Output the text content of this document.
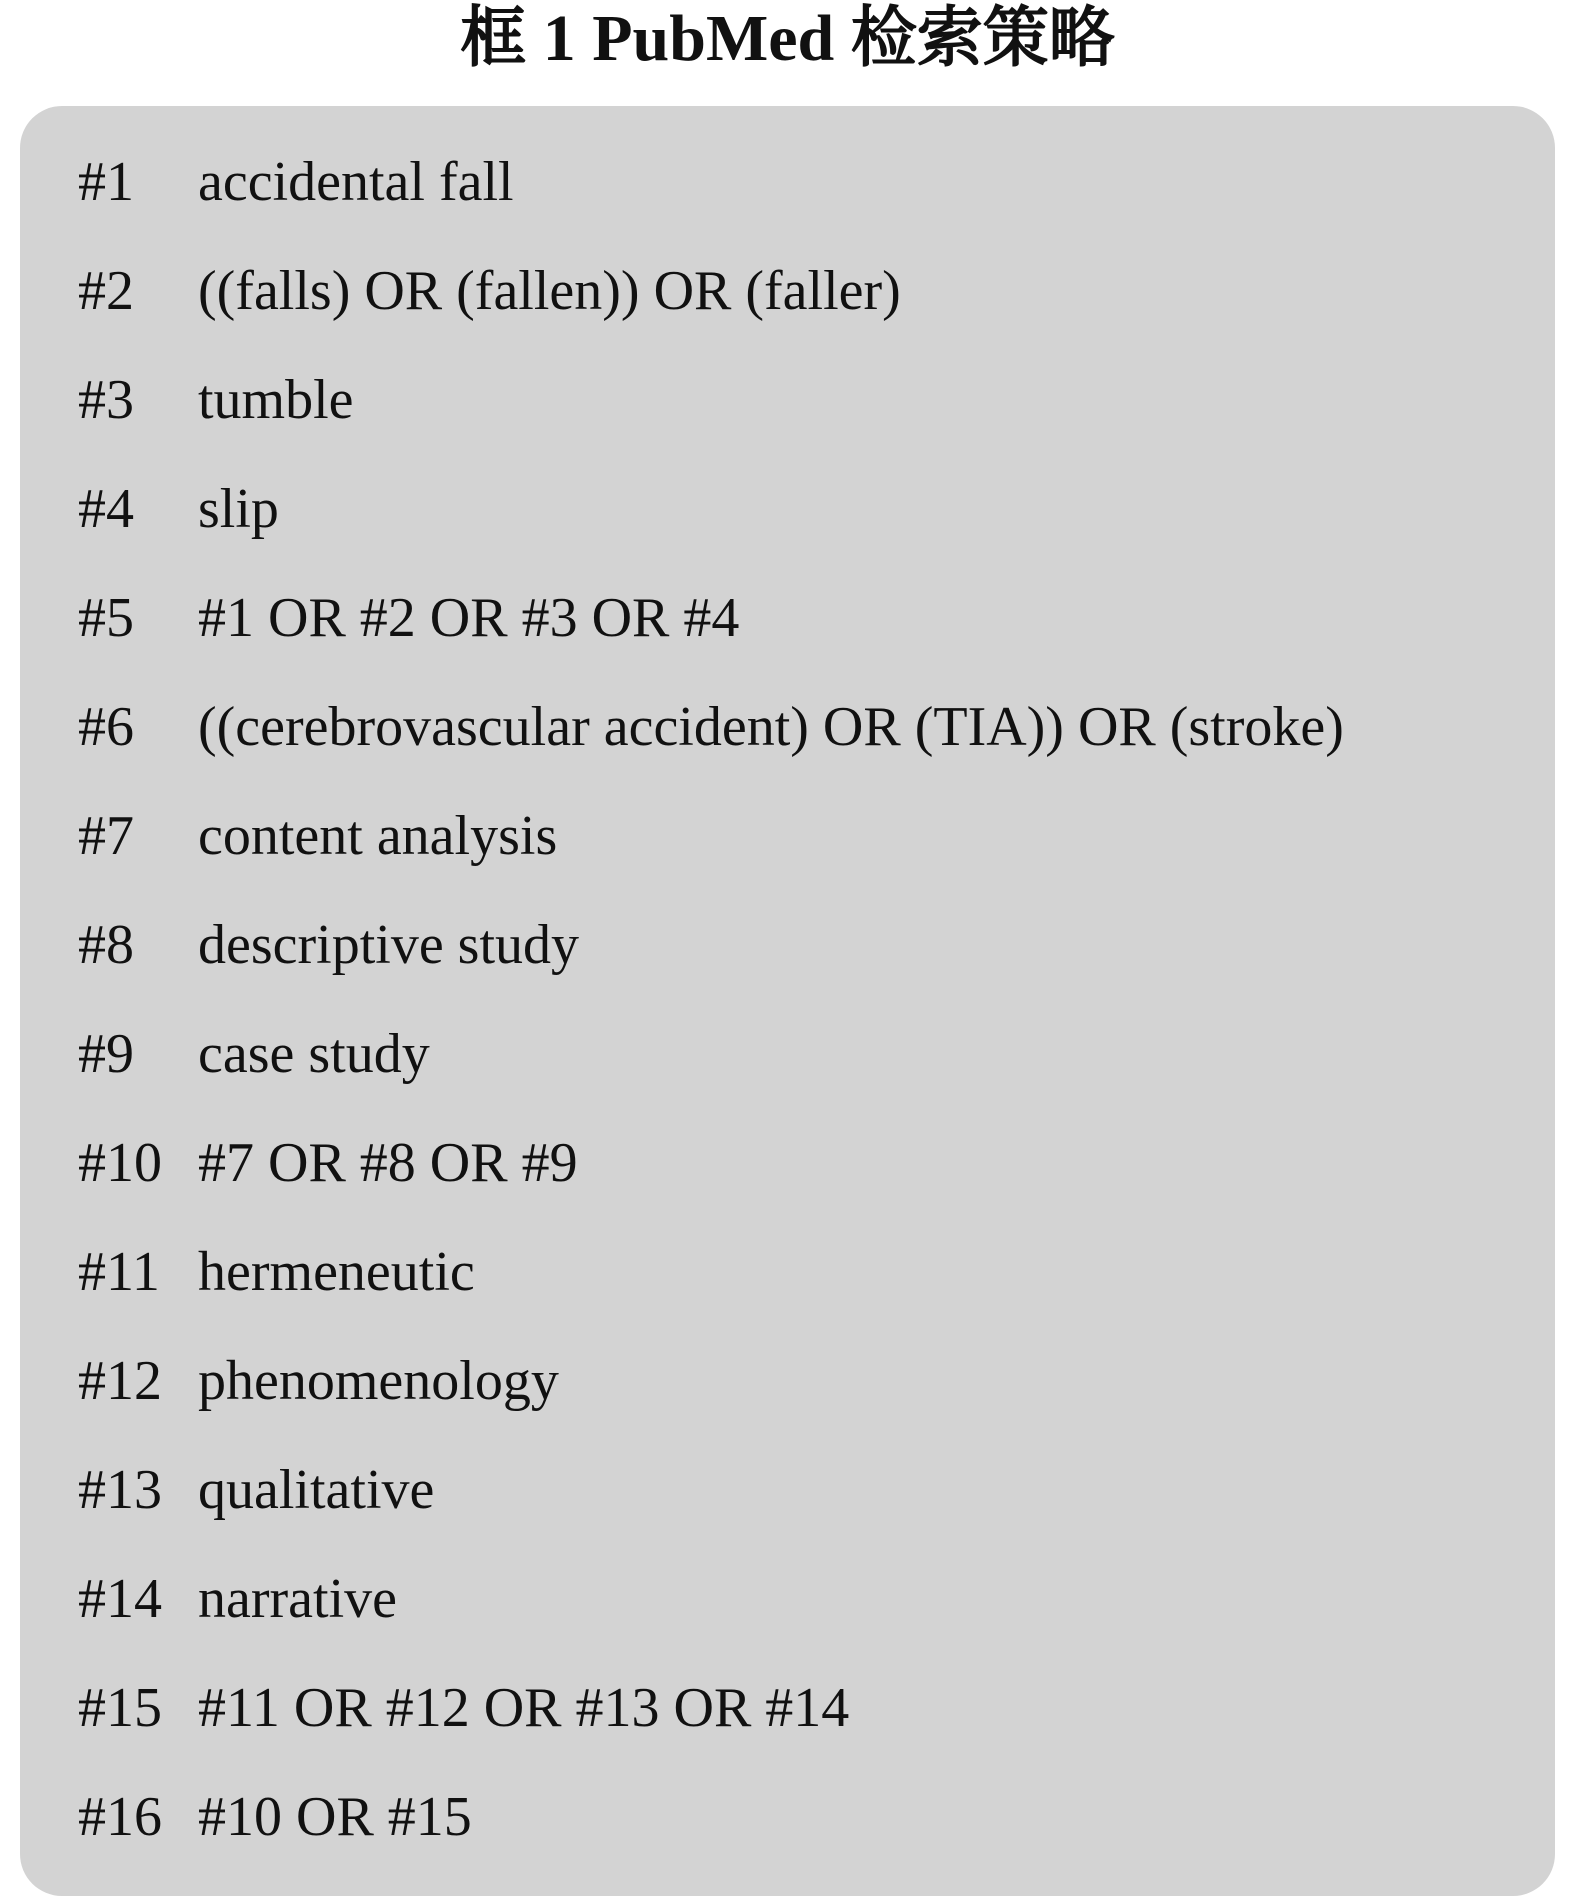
框 1 PubMed 检索策略
#1 accidental fall
#2 ((falls) OR (fallen)) OR (faller)
#3 tumble
#4 slip
#5 #1 OR #2 OR #3 OR #4
#6 ((cerebrovascular accident) OR (TIA)) OR (stroke)
#7 content analysis
#8 descriptive study
#9 case study
#10 #7 OR #8 OR #9
#11 hermeneutic
#12 phenomenology
#13 qualitative
#14 narrative
#15 #11 OR #12 OR #13 OR #14
#16 #10 OR #15
